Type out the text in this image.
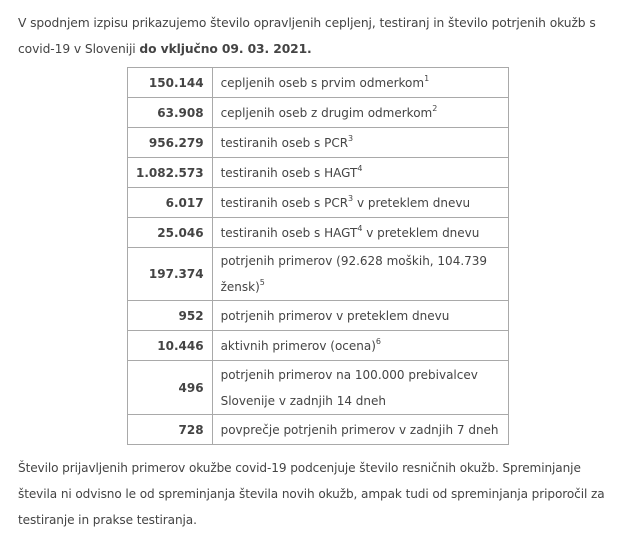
V spodnjem izpisu prikazujemo število opravljenih cepljenj, testiranj in število potrjenih okužb s covid-19 v Sloveniji do vključno 09. 03. 2021.

150.144	cepljenih oseb s prvim odmerkom$^1$
63.908	cepljenih oseb z drugim odmerkom$^2$
956.279	testiranih oseb s PCR$^3$
1.082.573	testiranih oseb s HAGT$^4$
6.017	testiranih oseb s PCR$^3$ v preteklem dnevu
25.046	testiranih oseb s HAGT$^4$ v preteklem dnevu
197.374	potrjenih primerov (92.628 moških, 104.739 žensk)$^5$
952	potrjenih primerov v preteklem dnevu
10.446	aktivnih primerov (ocena)$^6$
496	potrjenih primerov na 100.000 prebivalcev Slovenije v zadnjih 14 dneh
728	povprečje potrjenih primerov v zadnjih 7 dneh

Število prijavljenih primerov okužbe covid-19 podcenjuje število resničnih okužb. Spreminjanje števila ni odvisno le od spreminjanja števila novih okužb, ampak tudi od spreminjanja priporočil za testiranje in prakse testiranja.
